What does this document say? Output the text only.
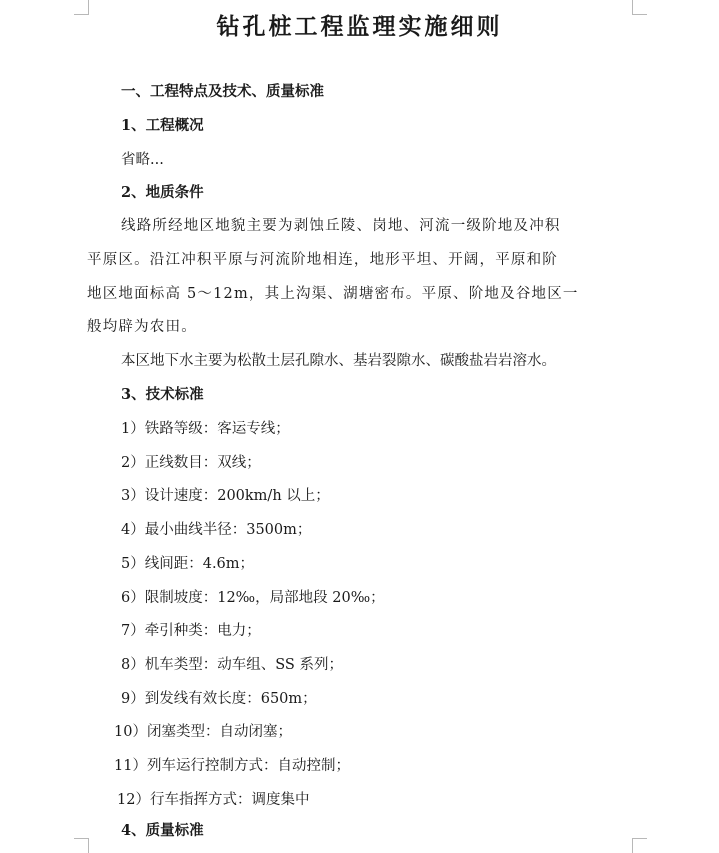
钻孔桩工程监理实施细则
一、工程特点及技术、质量标准
1、工程概况
省略...
2、地质条件
线路所经地区地貌主要为剥蚀丘陵、岗地、河流一级阶地及冲积
平原区。沿江冲积平原与河流阶地相连，地形平坦、开阔，平原和阶
地区地面标高 5～12m，其上沟渠、湖塘密布。平原、阶地及谷地区一
般均辟为农田。
本区地下水主要为松散土层孔隙水、基岩裂隙水、碳酸盐岩岩溶水。
3、技术标准
1）铁路等级：客运专线；
2）正线数目：双线；
3）设计速度：200km/h 以上；
4）最小曲线半径：3500m；
5）线间距：4.6m；
6）限制坡度：12‰，局部地段 20‰；
7）牵引种类：电力；
8）机车类型：动车组、SS 系列；
9）到发线有效长度：650m；
10）闭塞类型：自动闭塞；
11）列车运行控制方式：自动控制；
12）行车指挥方式：调度集中
4、质量标准
